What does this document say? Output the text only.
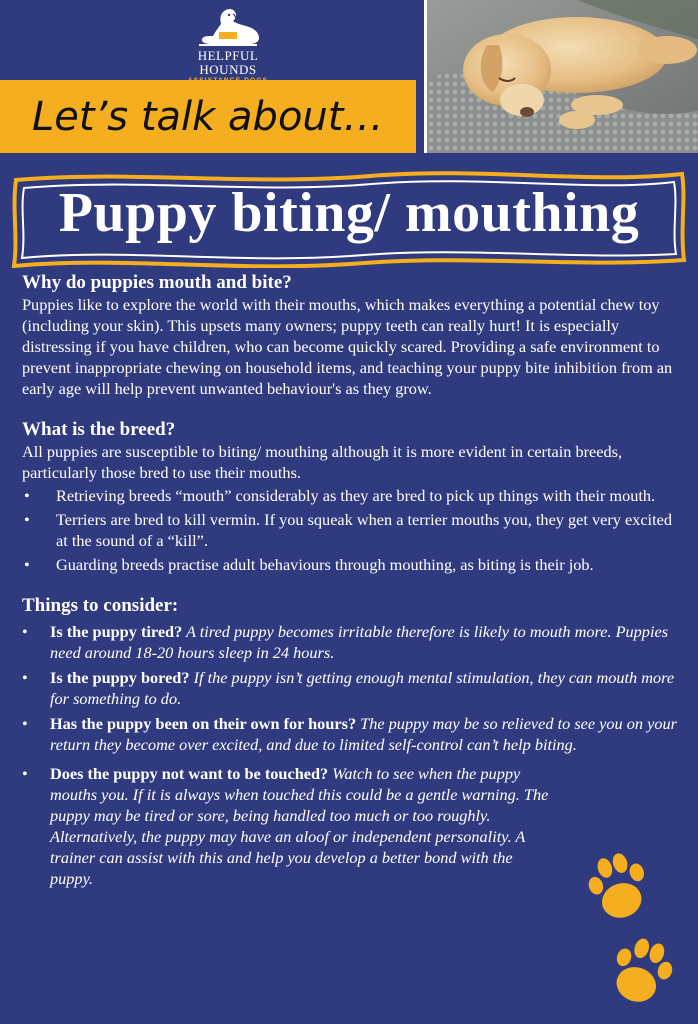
HELPFUL HOUNDS
Let’s talk about…
Puppy biting/ mouthing
Why do puppies mouth and bite?

Puppies like to explore the world with their mouths, which makes everything a potential chew toy (including your skin). This upsets many owners; puppy teeth can really hurt! It is especially distressing if you have children, who can become quickly scared. Providing a safe environment to prevent inappropriate chewing on household items, and teaching your puppy bite inhibition from an early age will help prevent unwanted behaviour's as they grow.

What is the breed?

All puppies are susceptible to biting/ mouthing although it is more evident in certain breeds, particularly those bred to use their mouths.

• Retrieving breeds “mouth” considerably as they are bred to pick up things with their mouth.
• Terriers are bred to kill vermin. If you squeak when a terrier mouths you, they get very excited at the sound of a “kill”.
• Guarding breeds practise adult behaviours through mouthing, as biting is their job.
Things to consider:
• Is the puppy tired? A tired puppy becomes irritable therefore is likely to mouth more. Puppies need around 18-20 hours sleep in 24 hours.
• Is the puppy bored? If the puppy isn’t getting enough mental stimulation, they can mouth more for something to do.
• Has the puppy been on their own for hours? The puppy may be so relieved to see you on your return they become over excited, and due to limited self-control can’t help biting.
• Does the puppy not want to be touched? Watch to see when the puppy mouths you. If it is always when touched this could be a gentle warning. The puppy may be tired or sore, being handled too much or too roughly. Alternatively, the puppy may have an aloof or independent personality. A trainer can assist with this and help you develop a better bond with the puppy.
